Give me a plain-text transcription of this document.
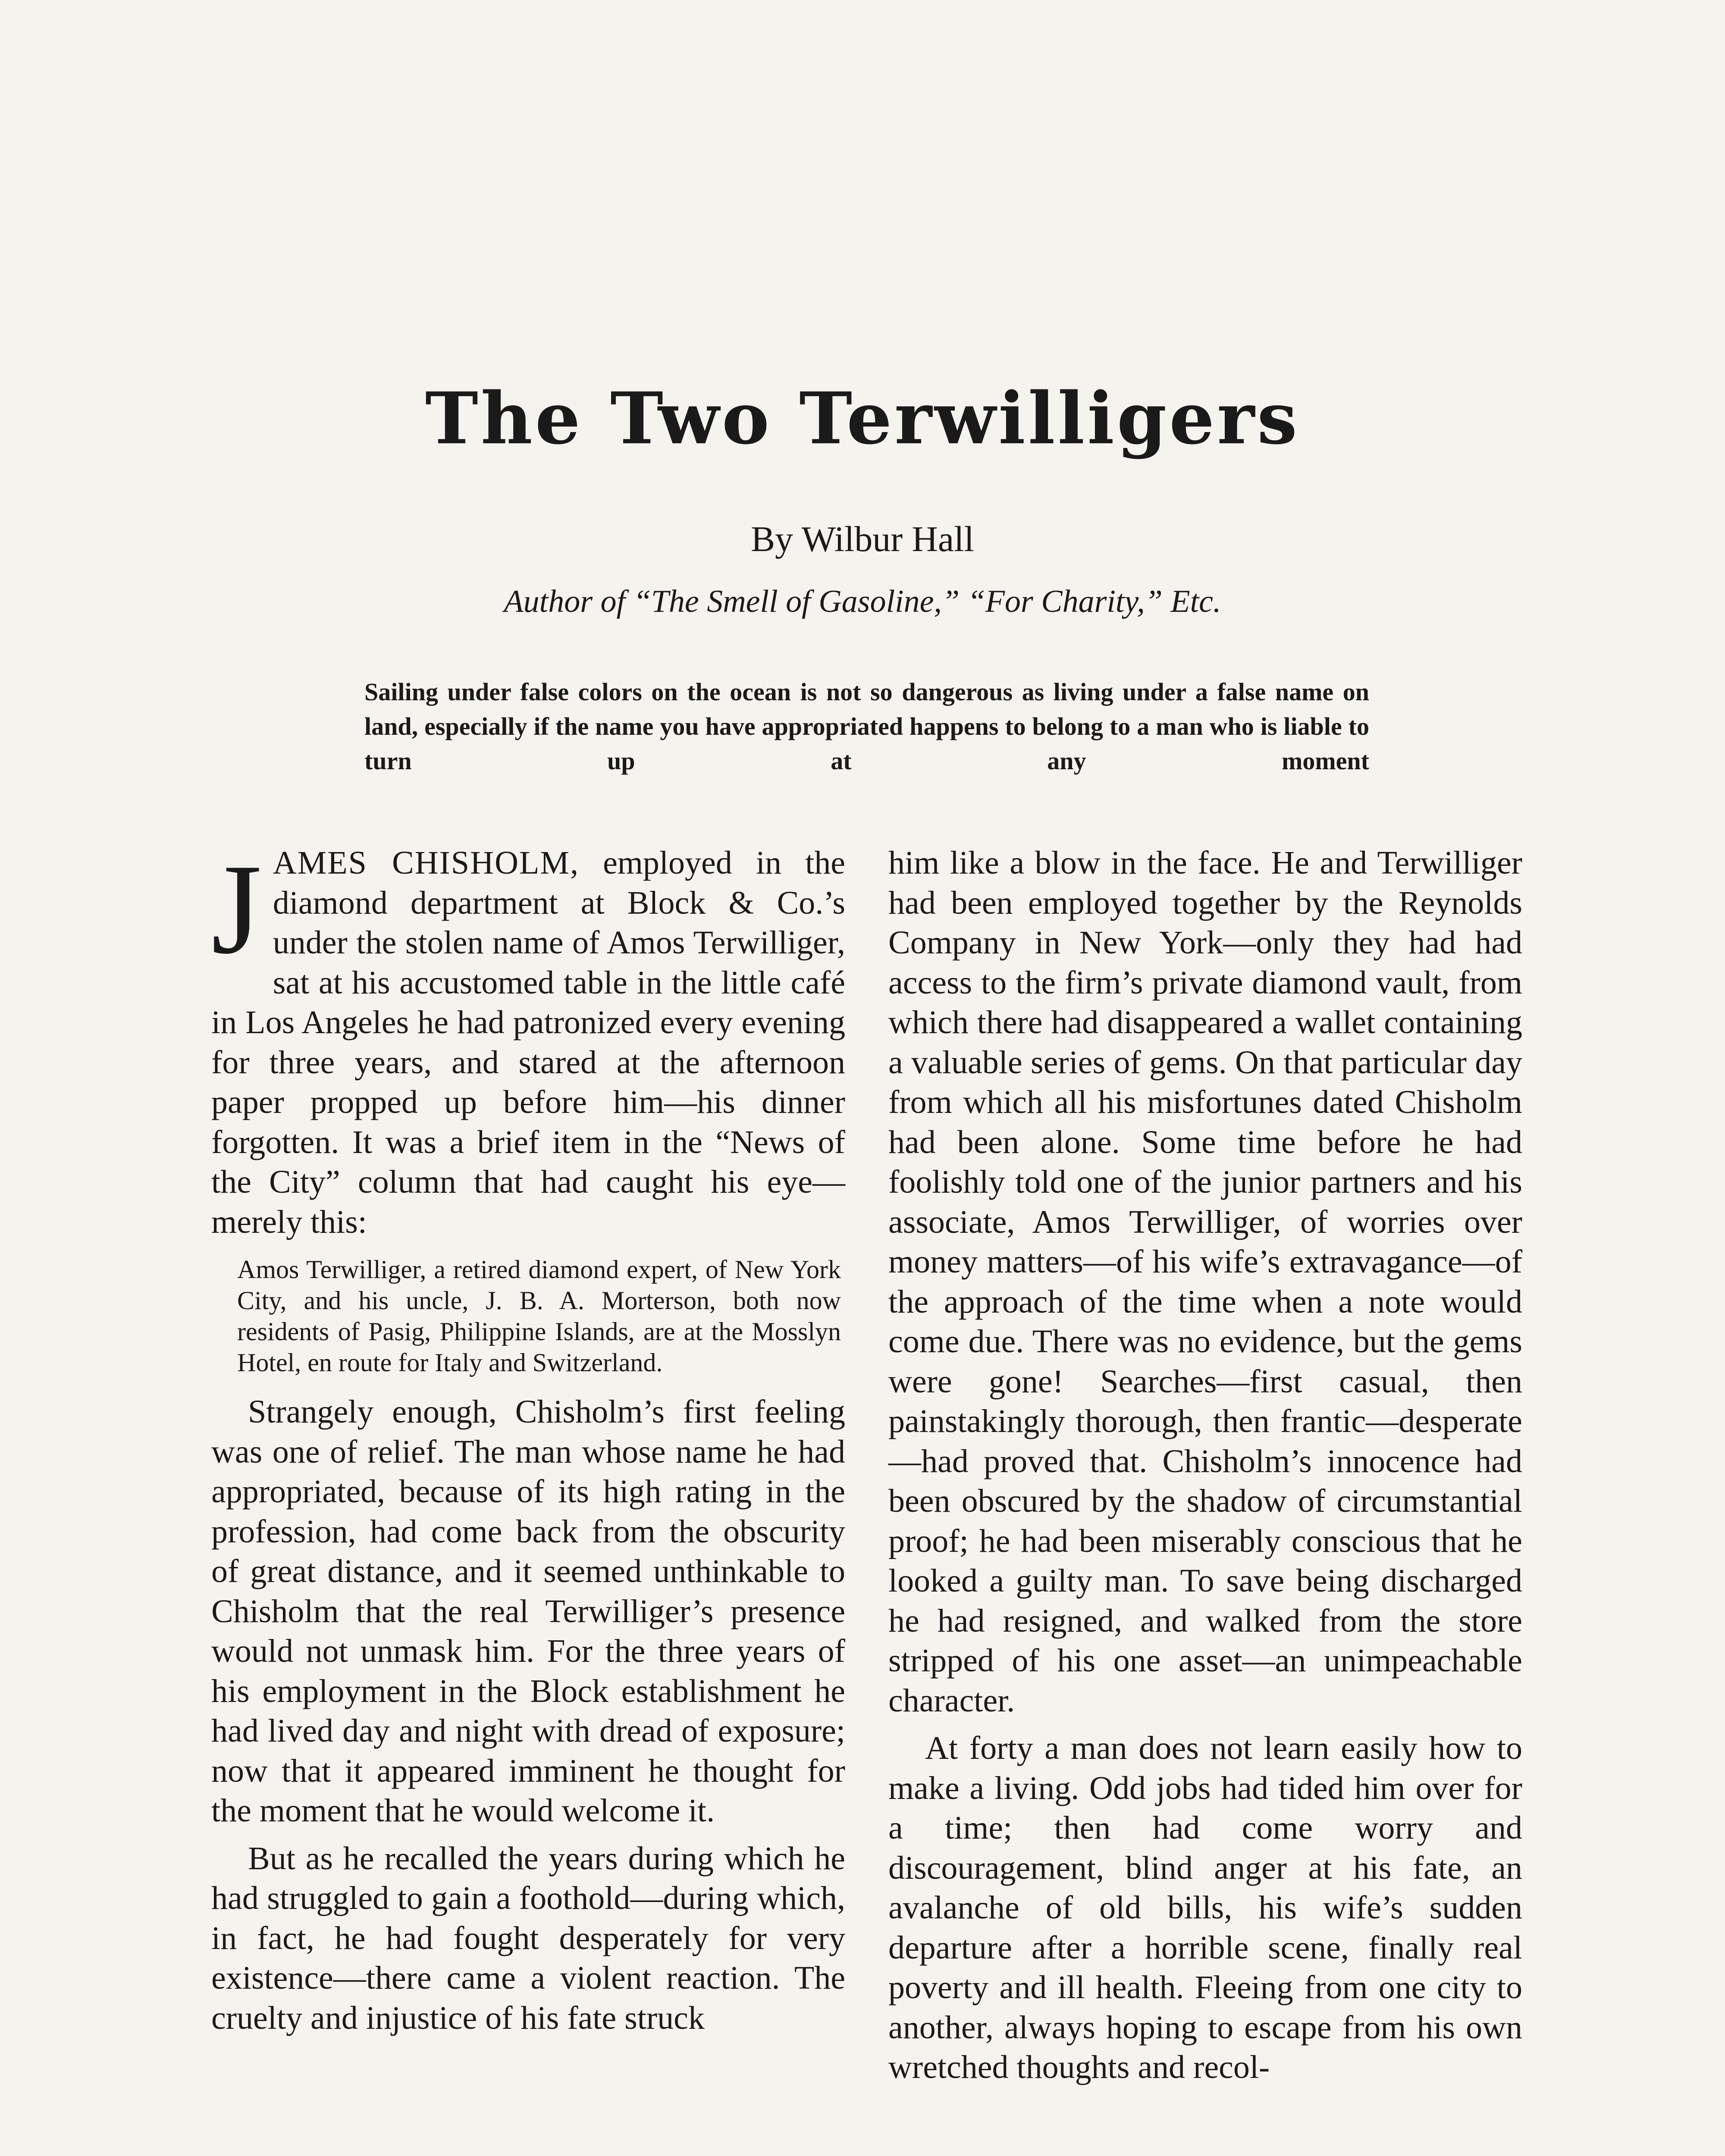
The Two Terwilligers
By Wilbur Hall
Author of “The Smell of Gasoline,” “For Charity,” Etc.
Sailing under false colors on the ocean is not so dangerous as living under a false name on land, especially if the name you have appropriated happens to belong to a man who is liable to turn up at any moment

JAMES CHISHOLM, employed in the diamond department at Block & Co.’s under the stolen name of Amos Terwilliger, sat at his accustomed table in the little café in Los Angeles he had patronized every evening for three years, and stared at the afternoon paper propped up before him—his dinner forgotten. It was a brief item in the “News of the City” column that had caught his eye—merely this:

Amos Terwilliger, a retired diamond expert, of New York City, and his uncle, J. B. A. Morterson, both now residents of Pasig, Philippine Islands, are at the Mosslyn Hotel, en route for Italy and Switzerland.

Strangely enough, Chisholm’s first feeling was one of relief. The man whose name he had appropriated, because of its high rating in the profession, had come back from the obscurity of great distance, and it seemed unthinkable to Chisholm that the real Terwilliger’s presence would not unmask him. For the three years of his employment in the Block establishment he had lived day and night with dread of exposure; now that it appeared imminent he thought for the moment that he would welcome it.

But as he recalled the years during which he had struggled to gain a foothold—during which, in fact, he had fought desperately for very existence—there came a violent reaction. The cruelty and injustice of his fate struck

him like a blow in the face. He and Terwilliger had been employed together by the Reynolds Company in New York—only they had had access to the firm’s private diamond vault, from which there had disappeared a wallet containing a valuable series of gems. On that particular day from which all his misfortunes dated Chisholm had been alone. Some time before he had foolishly told one of the junior partners and his associate, Amos Terwilliger, of worries over money matters—of his wife’s extravagance—of the approach of the time when a note would come due. There was no evidence, but the gems were gone! Searches—first casual, then painstakingly thorough, then frantic—desperate—had proved that. Chisholm’s innocence had been obscured by the shadow of circumstantial proof; he had been miserably conscious that he looked a guilty man. To save being discharged he had resigned, and walked from the store stripped of his one asset—an unimpeachable character.

At forty a man does not learn easily how to make a living. Odd jobs had tided him over for a time; then had come worry and discouragement, blind anger at his fate, an avalanche of old bills, his wife’s sudden departure after a horrible scene, finally real poverty and ill health. Fleeing from one city to another, always hoping to escape from his own wretched thoughts and recol-
